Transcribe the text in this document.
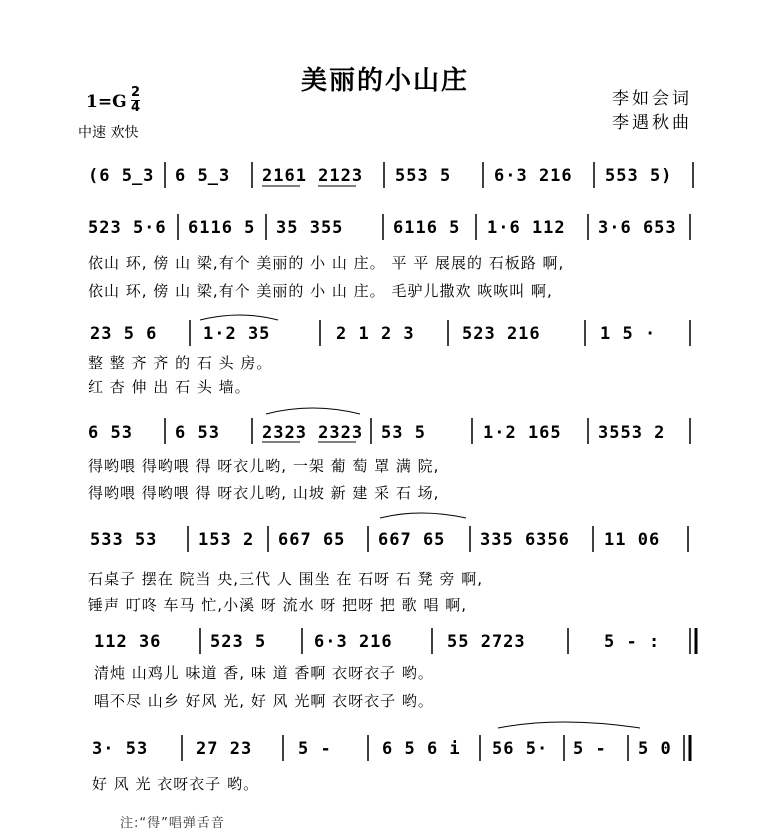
美丽的小山庄
李如会词
李遇秋曲
1=G 2
4
中速 欢快
(6 5̲3 6 5̲3 2161 2123 553 5	6·3 216 553 5)
523 5·6 6116 5 35 355	6116 5 1·6 112 3·6 653
依山 环, 傍 山 梁,有个 美丽的 小 山 庄。 平 平 展展的 石板路 啊,
依山 环, 傍 山 梁,有个 美丽的 小 山 庄。 毛驴儿撒欢 咴咴叫 啊,
23 5 6	1·2 35	2 1 2 3	523 216	1 5 ·
整 整 齐 齐 的 石 头 房。
红 杏 伸 出 石 头 墙。
6 53 6 53 2323 2323 53 5	1·2 165 3553 2
得哟喂 得哟喂 得 呀衣儿哟, 一架 葡 萄 罩 满 院,
得哟喂 得哟喂 得 呀衣儿哟, 山坡 新 建 采 石 场,
533 53 153 2 667 65 667 65 335 6356 11 06
石桌子 摆在 院当 央,三代 人 围坐 在 石呀 石 凳 旁 啊,
锤声 叮咚 车马 忙,小溪 呀 流水 呀 把呀 把 歌 唱 啊,
112 36	523 5	6·3 216	55 2723	5 - :
清炖 山鸡儿 味道 香, 味 道 香啊 衣呀衣子 哟。
唱不尽 山乡 好风 光, 好 风 光啊 衣呀衣子 哟。
3· 53	27 23	5 -	6 5 6 i 56 5· 5 - 5 0
好 风 光 衣呀衣子 哟。
注:“得”唱弹舌音
